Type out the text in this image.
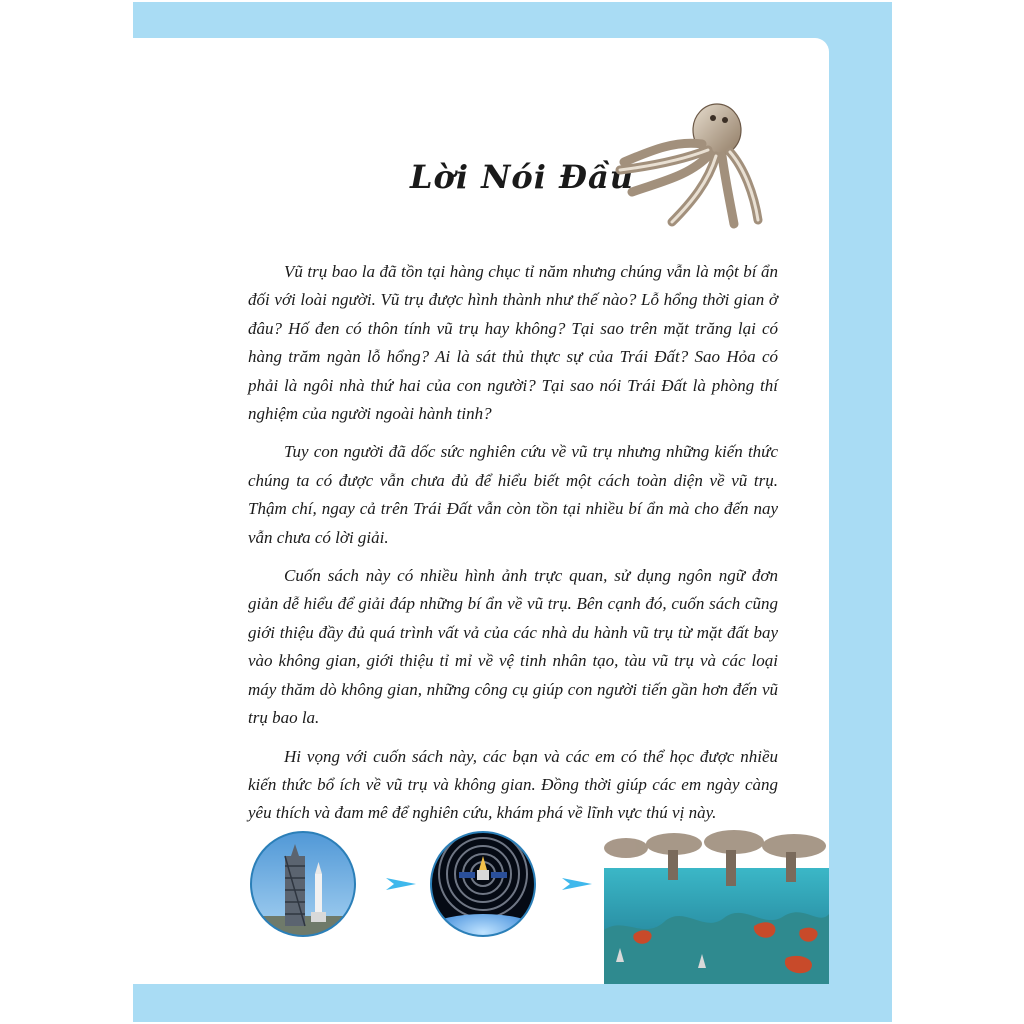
Lời Nói Đầu

Vũ trụ bao la đã tồn tại hàng chục tỉ năm nhưng chúng vẫn là một bí ẩn đối với loài người. Vũ trụ được hình thành như thế nào? Lỗ hổng thời gian ở đâu? Hố đen có thôn tính vũ trụ hay không? Tại sao trên mặt trăng lại có hàng trăm ngàn lỗ hổng? Ai là sát thủ thực sự của Trái Đất? Sao Hỏa có phải là ngôi nhà thứ hai của con người? Tại sao nói Trái Đất là phòng thí nghiệm của người ngoài hành tinh?

Tuy con người đã dốc sức nghiên cứu về vũ trụ nhưng những kiến thức chúng ta có được vẫn chưa đủ để hiểu biết một cách toàn diện về vũ trụ. Thậm chí, ngay cả trên Trái Đất vẫn còn tồn tại nhiều bí ẩn mà cho đến nay vẫn chưa có lời giải.

Cuốn sách này có nhiều hình ảnh trực quan, sử dụng ngôn ngữ đơn giản dễ hiểu để giải đáp những bí ẩn về vũ trụ. Bên cạnh đó, cuốn sách cũng giới thiệu đầy đủ quá trình vất vả của các nhà du hành vũ trụ từ mặt đất bay vào không gian, giới thiệu tỉ mỉ về vệ tinh nhân tạo, tàu vũ trụ và các loại máy thăm dò không gian, những công cụ giúp con người tiến gần hơn đến vũ trụ bao la.

Hi vọng với cuốn sách này, các bạn và các em có thể học được nhiều kiến thức bổ ích về vũ trụ và không gian. Đồng thời giúp các em ngày càng yêu thích và đam mê để nghiên cứu, khám phá về lĩnh vực thú vị này.
